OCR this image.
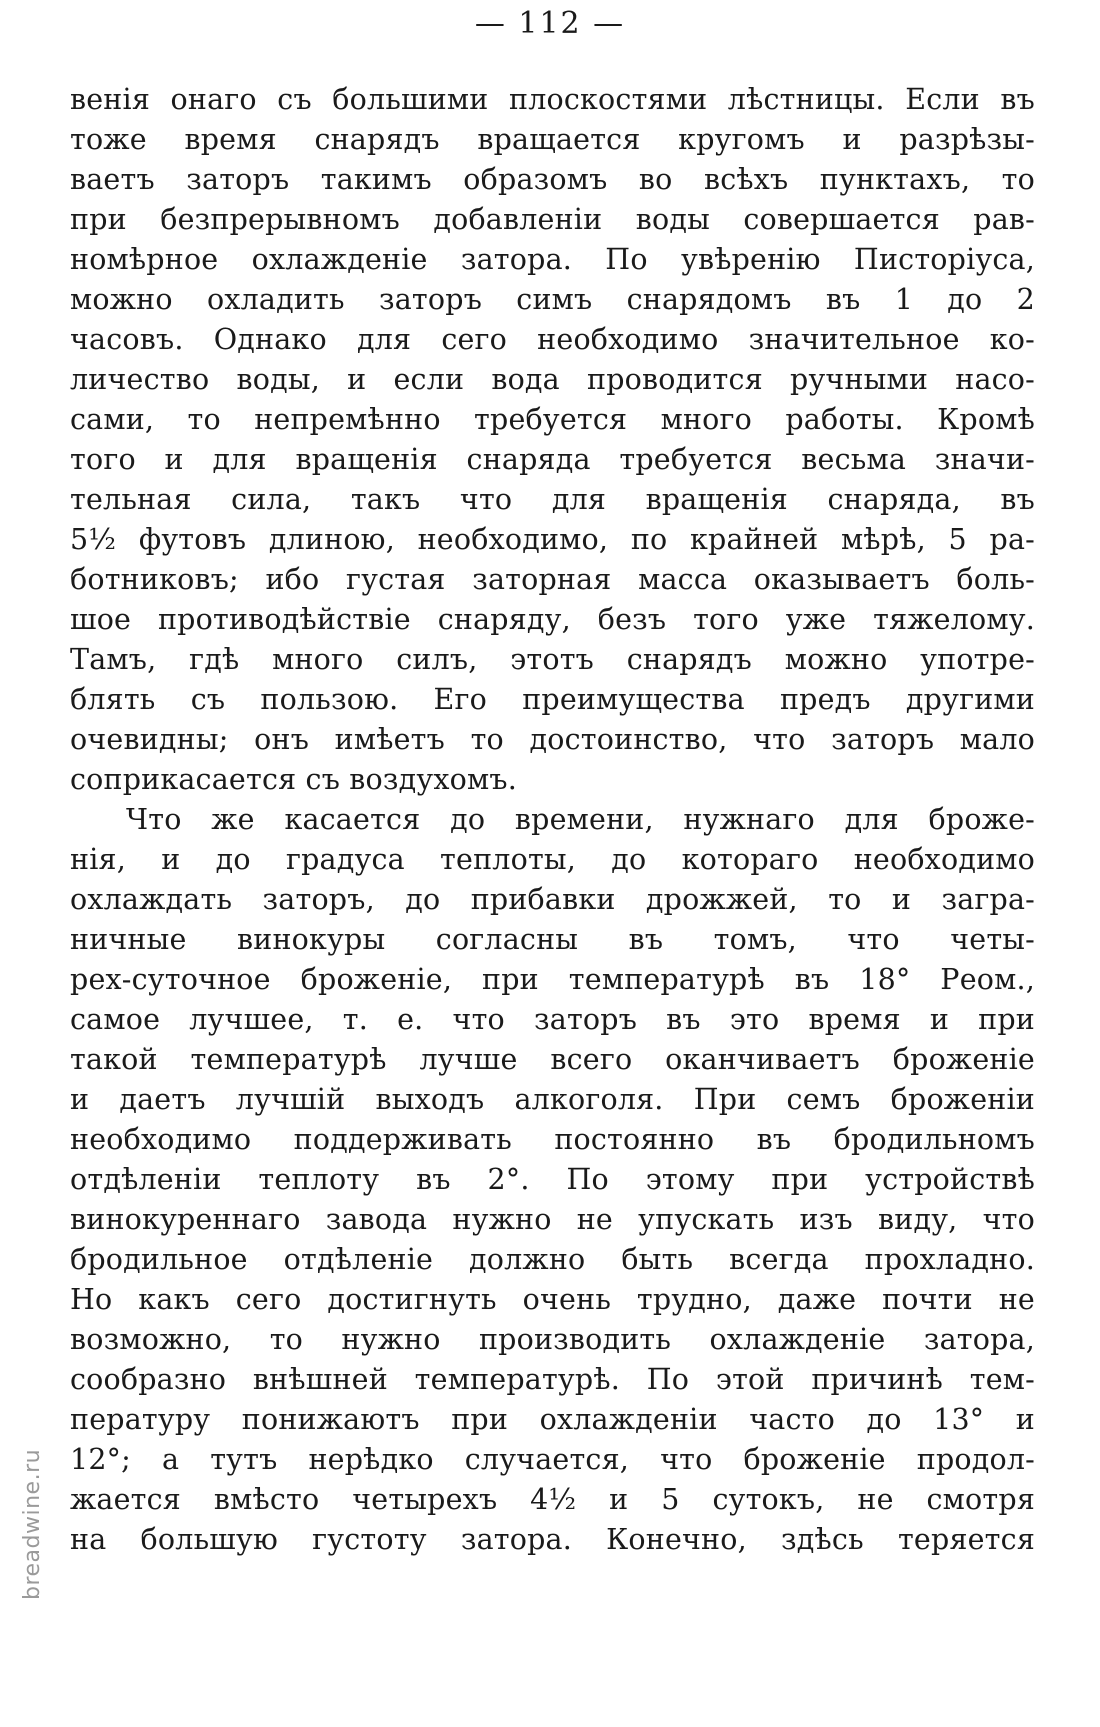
— 112 —
венія онаго съ большими плоскостями лѣстницы. Если въ
тоже время снарядъ вращается кругомъ и разрѣзы-
ваетъ заторъ такимъ образомъ во всѣхъ пунктахъ, то
при безпрерывномъ добавленіи воды совершается рав-
номѣрное охлажденіе затора. По увѣренію Писторіуса,
можно охладить заторъ симъ снарядомъ въ 1 до 2
часовъ. Однако для сего необходимо значительное ко-
личество воды, и если вода проводится ручными насо-
сами, то непремѣнно требуется много работы. Кромѣ
того и для вращенія снаряда требуется весьма значи-
тельная сила, такъ что для вращенія снаряда, въ
5½ футовъ длиною, необходимо, по крайней мѣрѣ, 5 ра-
ботниковъ; ибо густая заторная масса оказываетъ боль-
шое противодѣйствіе снаряду, безъ того уже тяжелому.
Тамъ, гдѣ много силъ, этотъ снарядъ можно употре-
блять съ пользою. Его преимущества предъ другими
очевидны; онъ имѣетъ то достоинство, что заторъ мало
соприкасается съ воздухомъ.
Что же касается до времени, нужнаго для броже-
нія, и до градуса теплоты, до котораго необходимо
охлаждать заторъ, до прибавки дрожжей, то и загра-
ничные винокуры согласны въ томъ, что четы-
рех-суточное броженіе, при температурѣ въ 18° Реом.,
самое лучшее, т. е. что заторъ въ это время и при
такой температурѣ лучше всего оканчиваетъ броженіе
и даетъ лучшій выходъ алкоголя. При семъ броженіи
необходимо поддерживать постоянно въ бродильномъ
отдѣленіи теплоту въ 2°. По этому при устройствѣ
винокуреннаго завода нужно не упускать изъ виду, что
бродильное отдѣленіе должно быть всегда прохладно.
Но какъ сего достигнуть очень трудно, даже почти не
возможно, то нужно производить охлажденіе затора,
сообразно внѣшней температурѣ. По этой причинѣ тем-
пературу понижаютъ при охлажденіи часто до 13° и
12°; а тутъ нерѣдко случается, что броженіе продол-
жается вмѣсто четырехъ 4½ и 5 сутокъ, не смотря
на большую густоту затора. Конечно, здѣсь теряется
breadwine.ru
